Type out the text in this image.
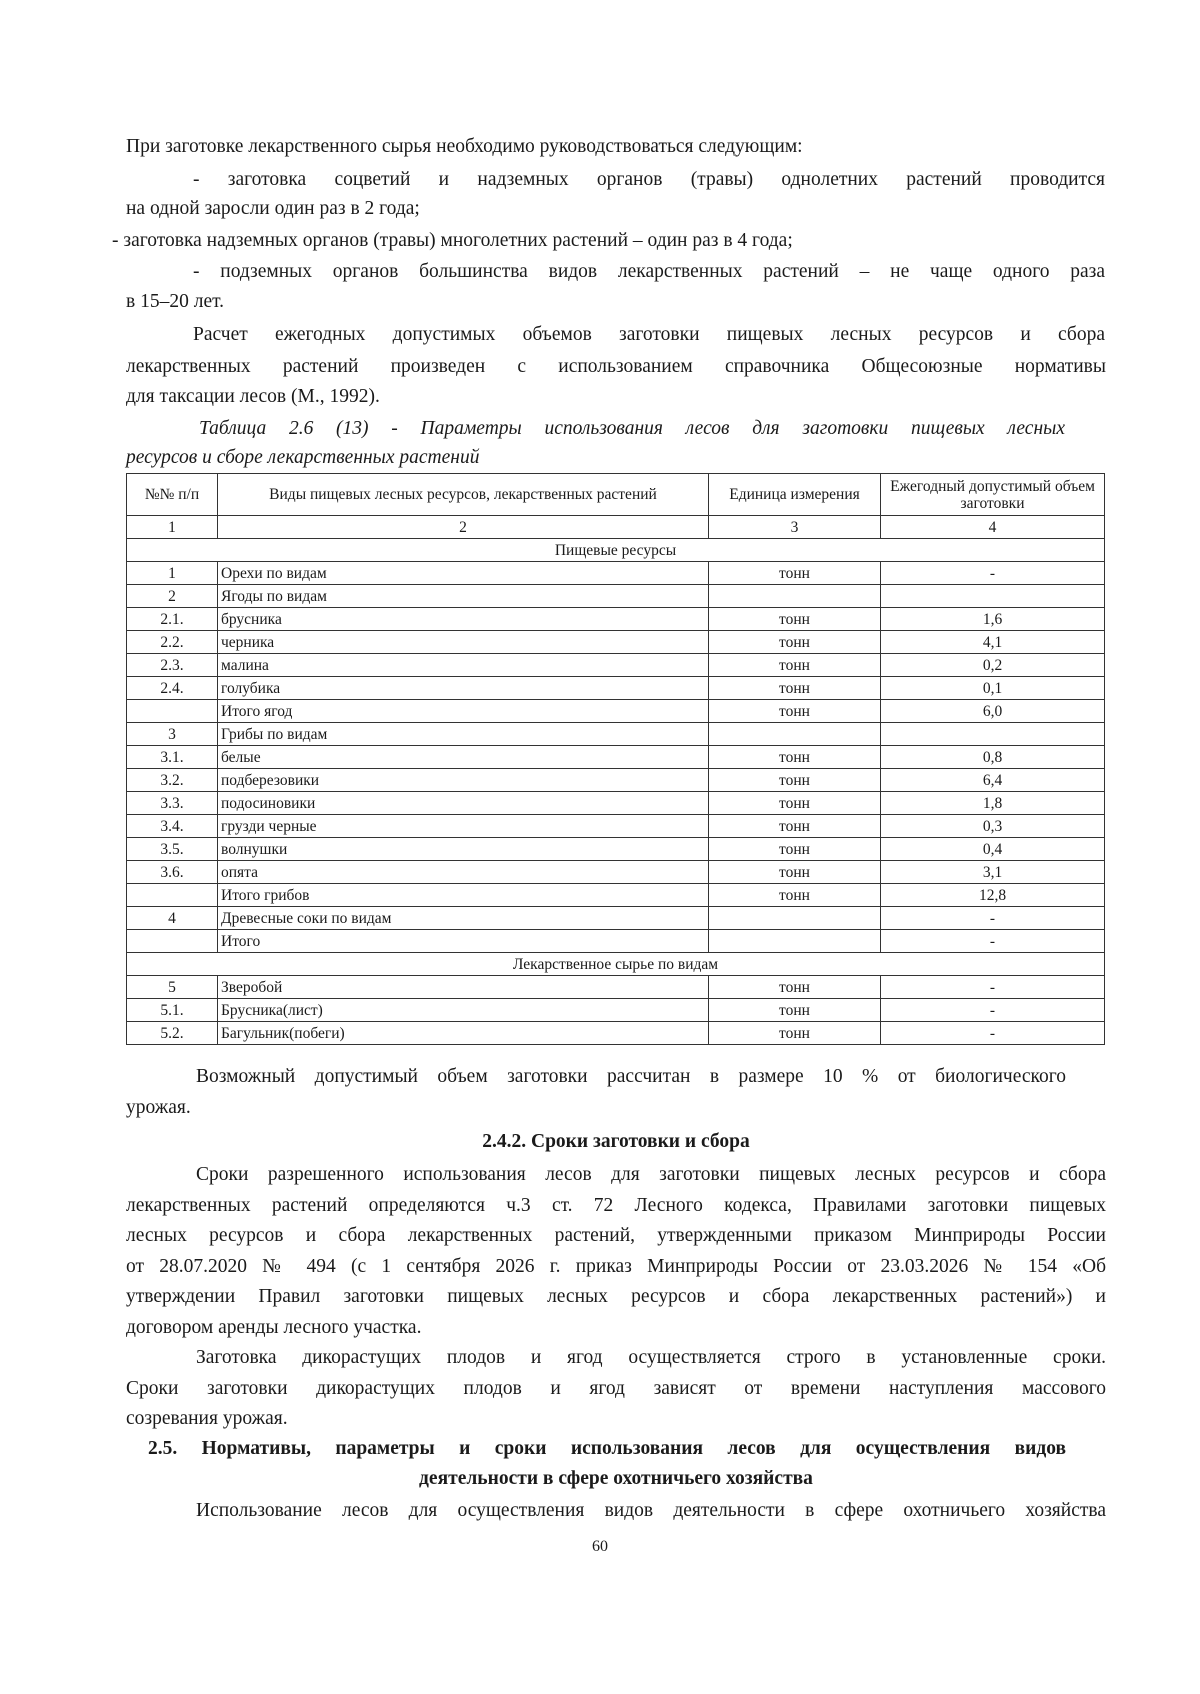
При заготовке лекарственного сырья необходимо руководствоваться следующим:

- заготовка соцветий и надземных органов (травы) однолетних растений проводится

на одной заросли один раз в 2 года;

- заготовка надземных органов (травы) многолетних растений – один раз в 4 года;

- подземных органов большинства видов лекарственных растений – не чаще одного раза

в 15–20 лет.

Расчет ежегодных допустимых объемов заготовки пищевых лесных ресурсов и сбора

лекарственных растений произведен с использованием справочника Общесоюзные нормативы

для таксации лесов (М., 1992).

Таблица 2.6 (13) - Параметры использования лесов для заготовки пищевых лесных

ресурсов и сборе лекарственных растений

№№ п/п	Виды пищевых лесных ресурсов, лекарственных растений	Единица измерения	Ежегодный допустимый объем заготовки
1	2	3	4
Пищевые ресурсы			
1	Орехи по видам	тонн	-
2	Ягоды по видам		
2.1.	брусника	тонн	1,6
2.2.	черника	тонн	4,1
2.3.	малина	тонн	0,2
2.4.	голубика	тонн	0,1
	Итого ягод	тонн	6,0
3	Грибы по видам		
3.1.	белые	тонн	0,8
3.2.	подберезовики	тонн	6,4
3.3.	подосиновики	тонн	1,8
3.4.	грузди черные	тонн	0,3
3.5.	волнушки	тонн	0,4
3.6.	опята	тонн	3,1
	Итого грибов	тонн	12,8
4	Древесные соки по видам		-
	Итого		-
Лекарственное сырье по видам			
5	Зверобой	тонн	-
5.1.	Брусника(лист)	тонн	-
5.2.	Багульник(побеги)	тонн	-

Возможный допустимый объем заготовки рассчитан в размере 10 % от биологического

урожая.

2.4.2. Сроки заготовки и сбора

Сроки разрешенного использования лесов для заготовки пищевых лесных ресурсов и сбора

лекарственных растений определяются ч.3 ст. 72 Лесного кодекса, Правилами заготовки пищевых

лесных ресурсов и сбора лекарственных растений, утвержденными приказом Минприроды России

от 28.07.2020 № 494 (с 1 сентября 2026 г. приказ Минприроды России от 23.03.2026 № 154 «Об

утверждении Правил заготовки пищевых лесных ресурсов и сбора лекарственных растений») и

договором аренды лесного участка.

Заготовка дикорастущих плодов и ягод осуществляется строго в установленные сроки.

Сроки заготовки дикорастущих плодов и ягод зависят от времени наступления массового

созревания урожая.

2.5. Нормативы, параметры и сроки использования лесов для осуществления видов

деятельности в сфере охотничьего хозяйства

Использование лесов для осуществления видов деятельности в сфере охотничьего хозяйства

60
